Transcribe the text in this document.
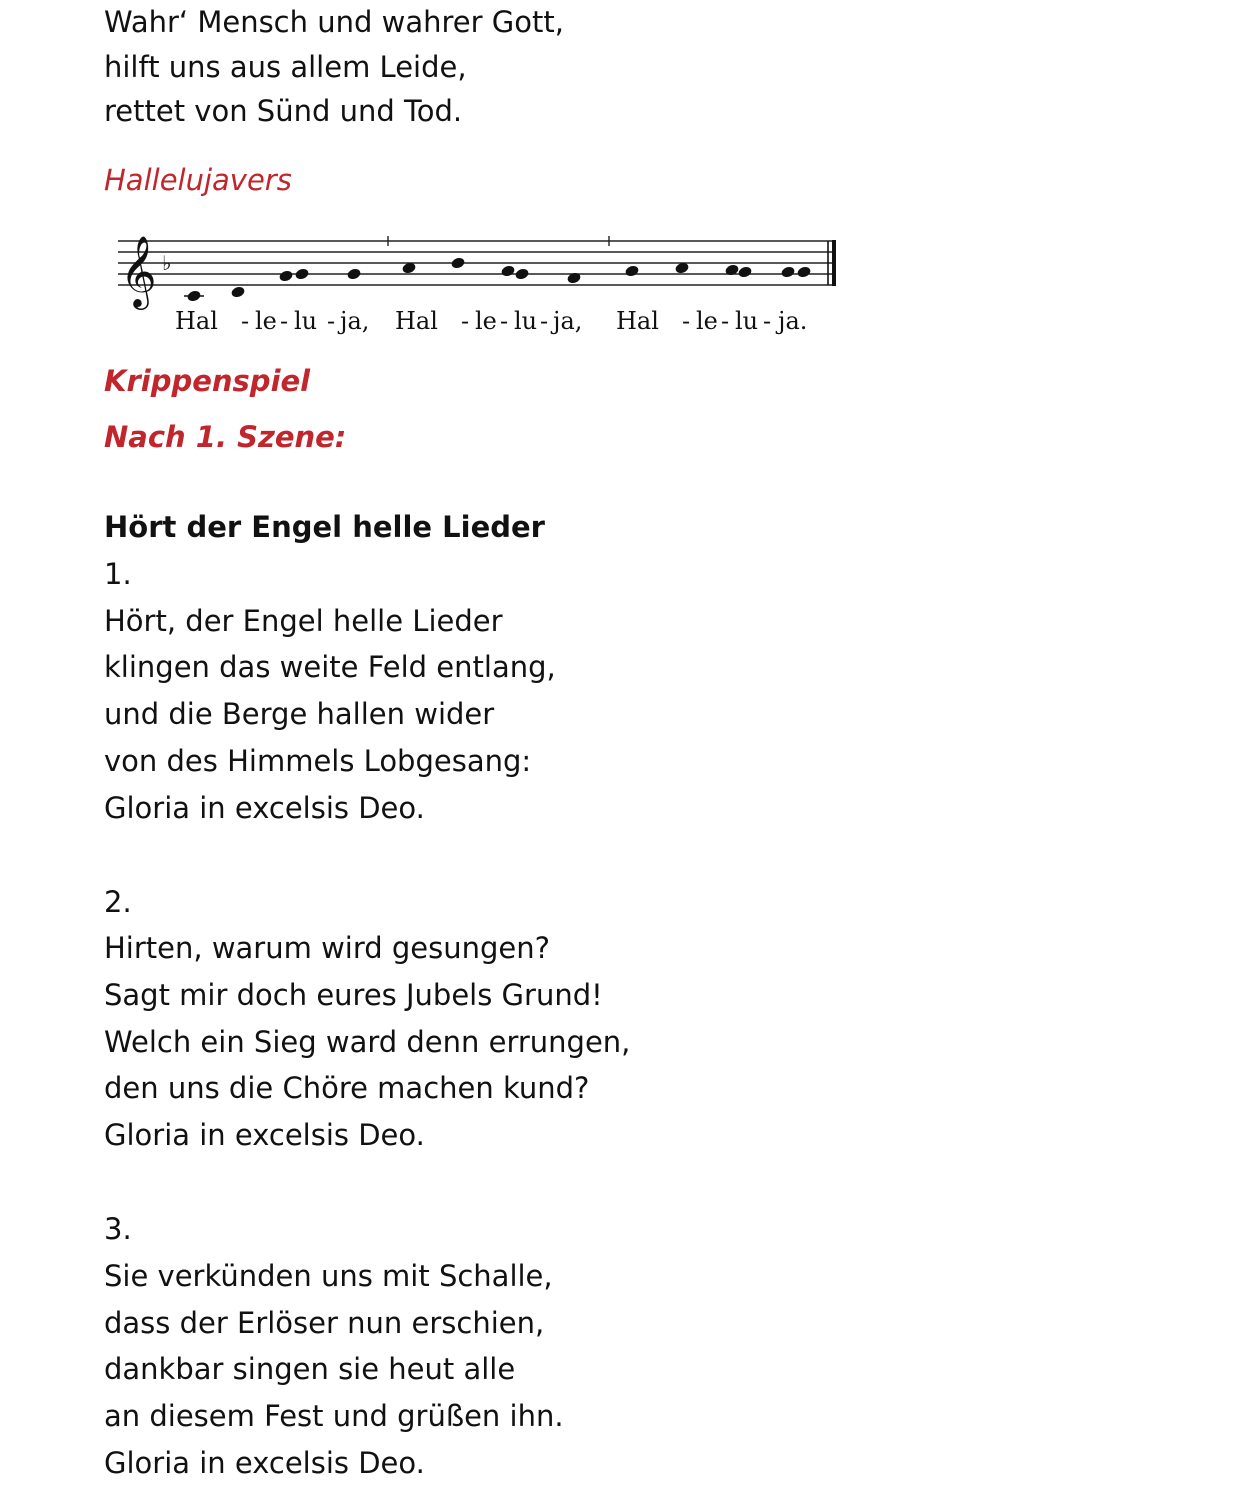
Wahr‘ Mensch und wahrer Gott,
hilft uns aus allem Leide,
rettet von Sünd und Tod.
Hallelujavers
𝄞 ♭
Hal - le - lu - ja, Hal - le - lu - ja, Hal - le - lu - ja.
Krippenspiel
Nach 1. Szene:
Hört der Engel helle Lieder
1.
Hört, der Engel helle Lieder
klingen das weite Feld entlang,
und die Berge hallen wider
von des Himmels Lobgesang:
Gloria in excelsis Deo.
2.
Hirten, warum wird gesungen?
Sagt mir doch eures Jubels Grund!
Welch ein Sieg ward denn errungen,
den uns die Chöre machen kund?
Gloria in excelsis Deo.
3.
Sie verkünden uns mit Schalle,
dass der Erlöser nun erschien,
dankbar singen sie heut alle
an diesem Fest und grüßen ihn.
Gloria in excelsis Deo.
